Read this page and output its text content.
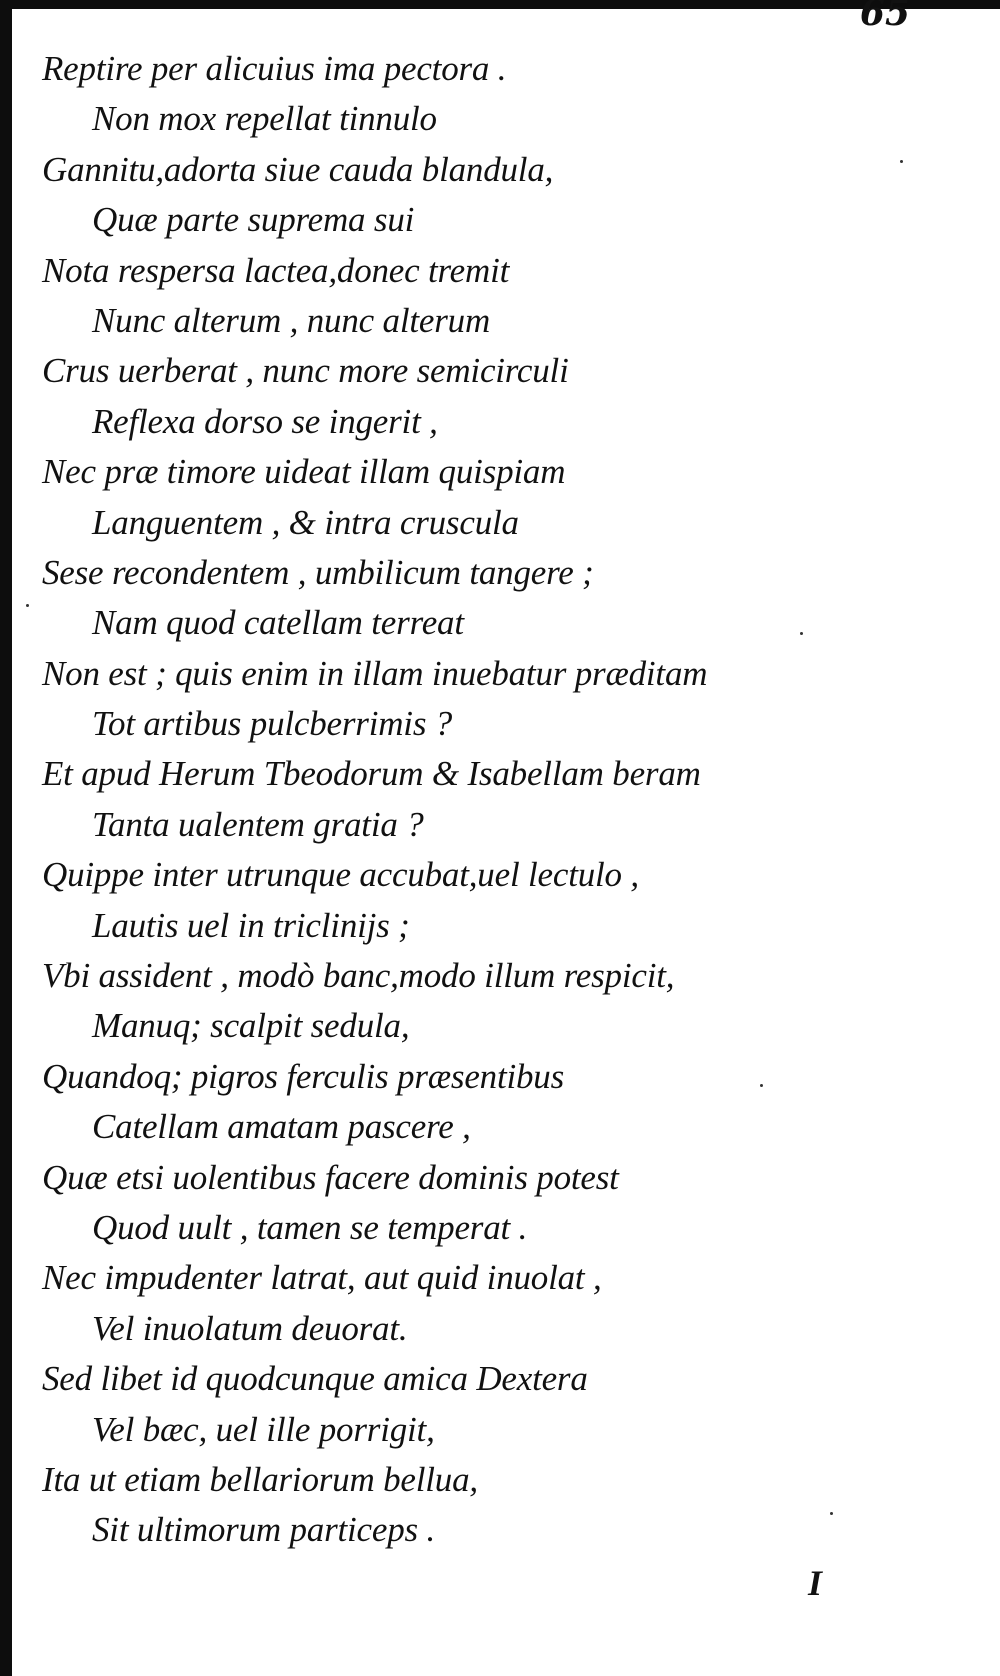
65
Reptire per alicuius ima pectora .
Non mox repellat tinnulo
Gannitu,adorta siue cauda blandula,
Quæ parte suprema sui
Nota respersa lactea,donec tremit
Nunc alterum , nunc alterum
Crus uerberat , nunc more semicirculi
Reflexa dorso se ingerit ,
Nec præ timore uideat illam quispiam
Languentem , & intra cruscula
Sese recondentem , umbilicum tangere ;
Nam quod catellam terreat
Non est ; quis enim in illam inuebatur præditam
Tot artibus pulcberrimis ?
Et apud Herum Tbeodorum & Isabellam beram
Tanta ualentem gratia ?
Quippe inter utrunque accubat,uel lectulo ,
Lautis uel in tricliniјs ;
Vbi assident , modò banc,modo illum respicit,
Manuq; scalpit sedula,
Quandoq; pigros ferculis præsentibus
Catellam amatam pascere ,
Quæ etsi uolentibus facere dominis potest
Quod uult , tamen se temperat .
Nec impudenter latrat, aut quid inuolat ,
Vel inuolatum deuorat.
Sed libet id quodcunque amica Dextera
Vel bæc, uel ille porrigit,
Ita ut etiam bellariorum bellua,
Sit ultimorum particeps .
I
